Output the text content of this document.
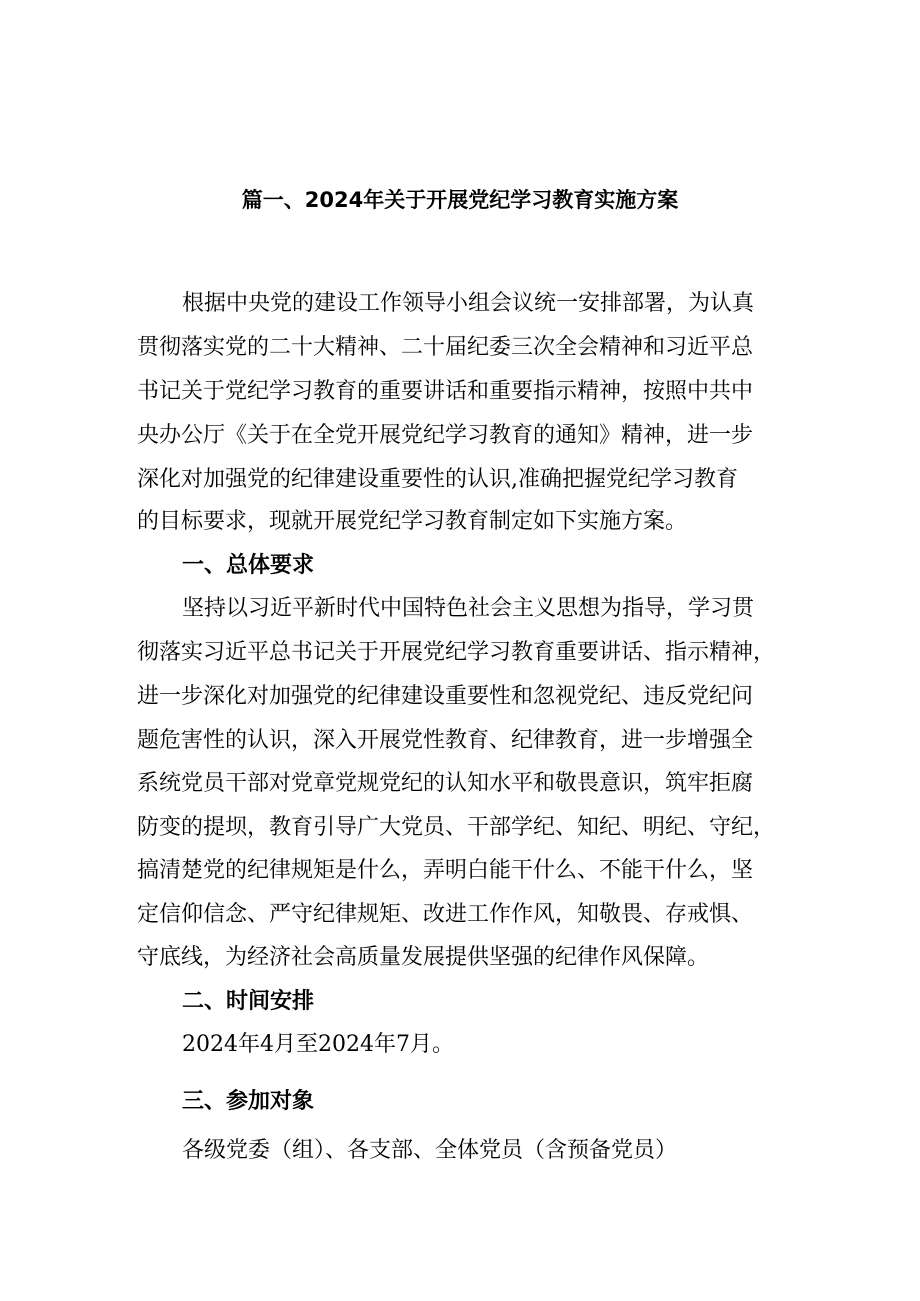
篇一、2024年关于开展党纪学习教育实施方案

根据中央党的建设工作领导小组会议统一安排部署，为认真

贯彻落实党的二十大精神、二十届纪委三次全会精神和习近平总

书记关于党纪学习教育的重要讲话和重要指示精神，按照中共中

央办公厅《关于在全党开展党纪学习教育的通知》精神，进一步

深化对加强党的纪律建设重要性的认识,准确把握党纪学习教育

的目标要求，现就开展党纪学习教育制定如下实施方案。

一、总体要求

坚持以习近平新时代中国特色社会主义思想为指导，学习贯

彻落实习近平总书记关于开展党纪学习教育重要讲话、指示精神，

进一步深化对加强党的纪律建设重要性和忽视党纪、违反党纪问

题危害性的认识，深入开展党性教育、纪律教育，进一步增强全

系统党员干部对党章党规党纪的认知水平和敬畏意识，筑牢拒腐

防变的提坝，教育引导广大党员、干部学纪、知纪、明纪、守纪，

搞清楚党的纪律规矩是什么，弄明白能干什么、不能干什么，坚

定信仰信念、严守纪律规矩、改进工作作风，知敬畏、存戒惧、

守底线，为经济社会高质量发展提供坚强的纪律作风保障。

二、时间安排

2024年4月至2024年7月。

三、参加对象

各级党委（组）、各支部、全体党员（含预备党员）
